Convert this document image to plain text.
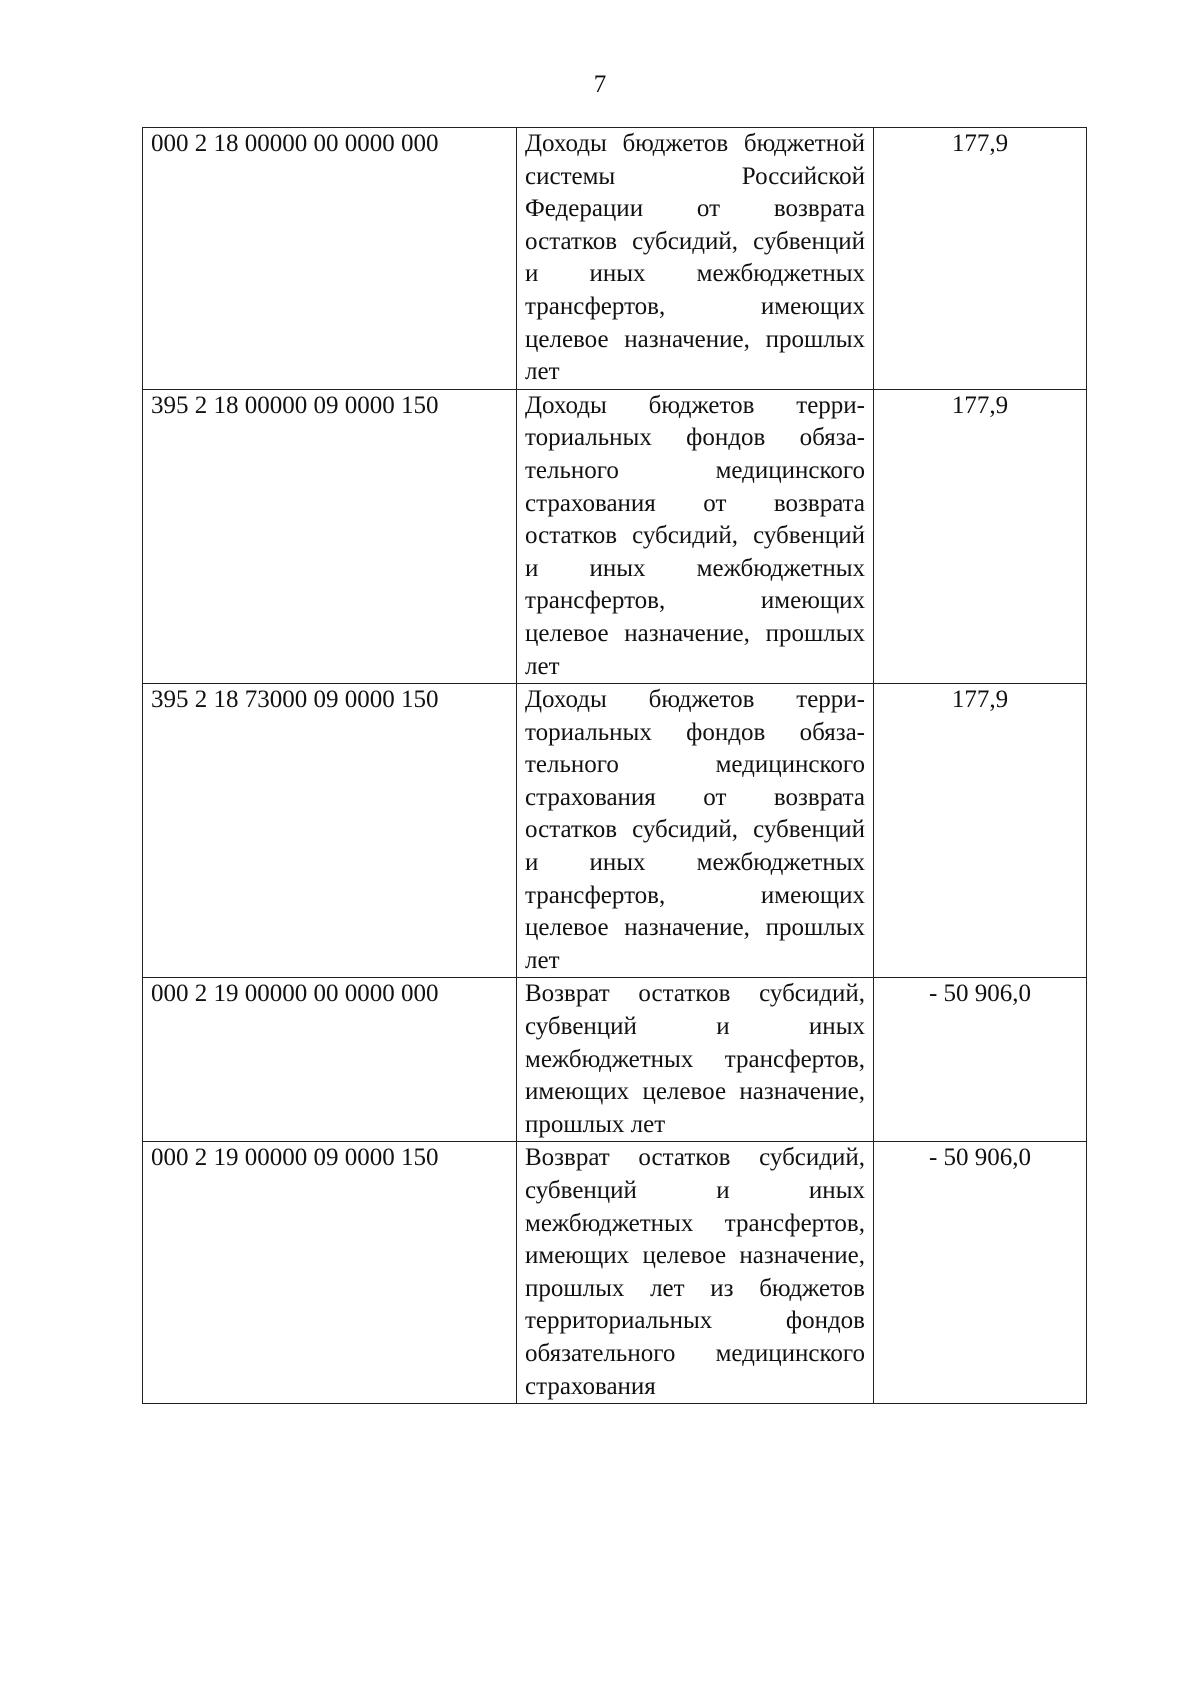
7
000 2 18 00000 00 0000 000	Доходы бюджетов бюджетной системы Российской Федерации от возврата остатков субсидий, субвенций и иных межбюджетных трансфертов, имеющих целевое назначение, прошлых лет	177,9
395 2 18 00000 09 0000 150	Доходы бюджетов территориальных фондов обязательного медицинского страхования от возврата остатков субсидий, субвенций и иных межбюджетных трансфертов, имеющих целевое назначение, прошлых лет	177,9
395 2 18 73000 09 0000 150	Доходы бюджетов территориальных фондов обязательного медицинского страхования от возврата остатков субсидий, субвенций и иных межбюджетных трансфертов, имеющих целевое назначение, прошлых лет	177,9
000 2 19 00000 00 0000 000	Возврат остатков субсидий, субвенций и иных межбюджетных трансфертов, имеющих целевое назначение, прошлых лет	- 50 906,0
000 2 19 00000 09 0000 150	Возврат остатков субсидий, субвенций и иных межбюджетных трансфертов, имеющих целевое назначение, прошлых лет из бюджетов территориальных фондов обязательного медицинского страхования	- 50 906,0
